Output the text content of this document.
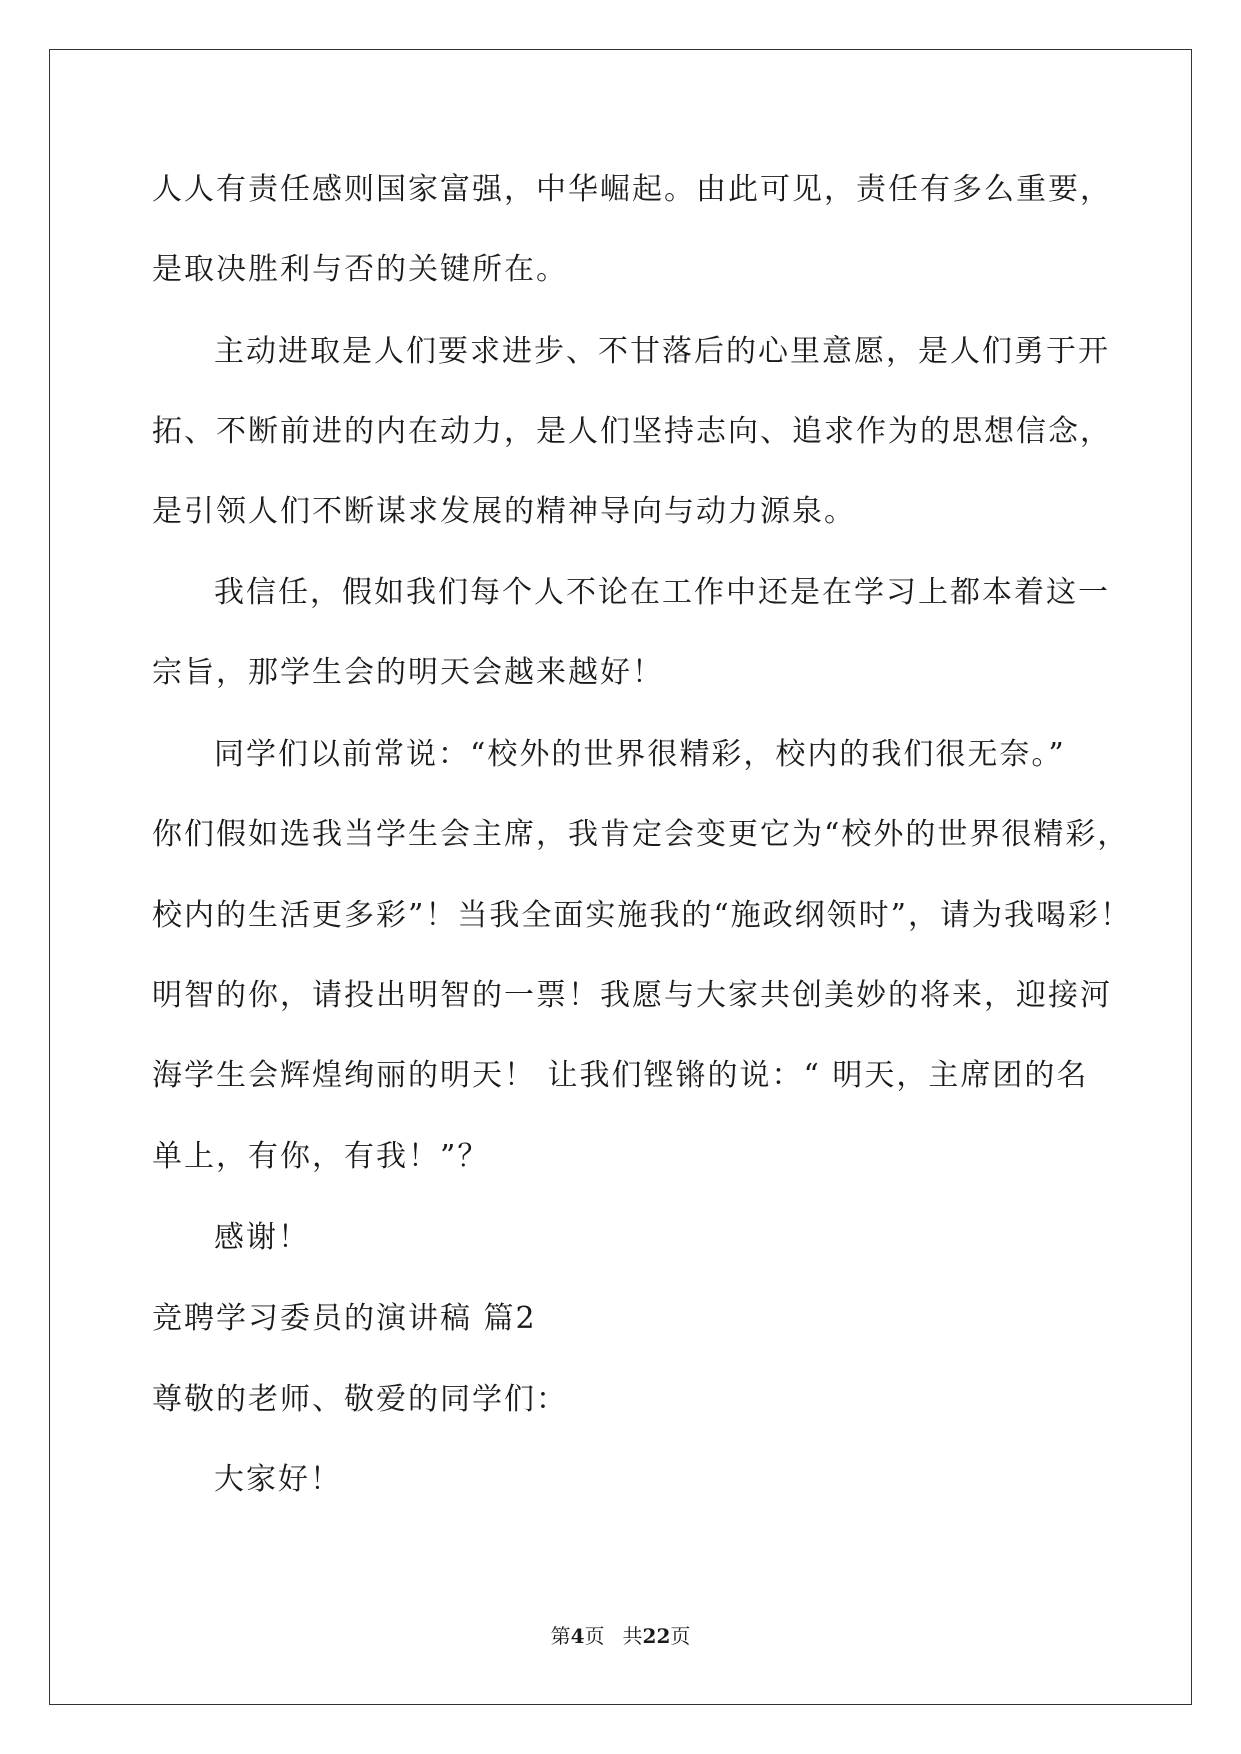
人人有责任感则国家富强，中华崛起。由此可见，责任有多么重要，
是取决胜利与否的关键所在。
主动进取是人们要求进步、不甘落后的心里意愿，是人们勇于开
拓、不断前进的内在动力，是人们坚持志向、追求作为的思想信念，
是引领人们不断谋求发展的精神导向与动力源泉。
我信任，假如我们每个人不论在工作中还是在学习上都本着这一
宗旨，那学生会的明天会越来越好！
同学们以前常说：“校外的世界很精彩，校内的我们很无奈。”
你们假如选我当学生会主席，我肯定会变更它为“校外的世界很精彩，
校内的生活更多彩”！当我全面实施我的“施政纲领时”，请为我喝彩！
明智的你，请投出明智的一票！我愿与大家共创美妙的将来，迎接河
海学生会辉煌绚丽的明天！ 让我们铿锵的说：“ 明天，主席团的名
单上，有你，有我！”？
感谢！
竞聘学习委员的演讲稿 篇2
尊敬的老师、敬爱的同学们：
大家好！
第4页 共22页
